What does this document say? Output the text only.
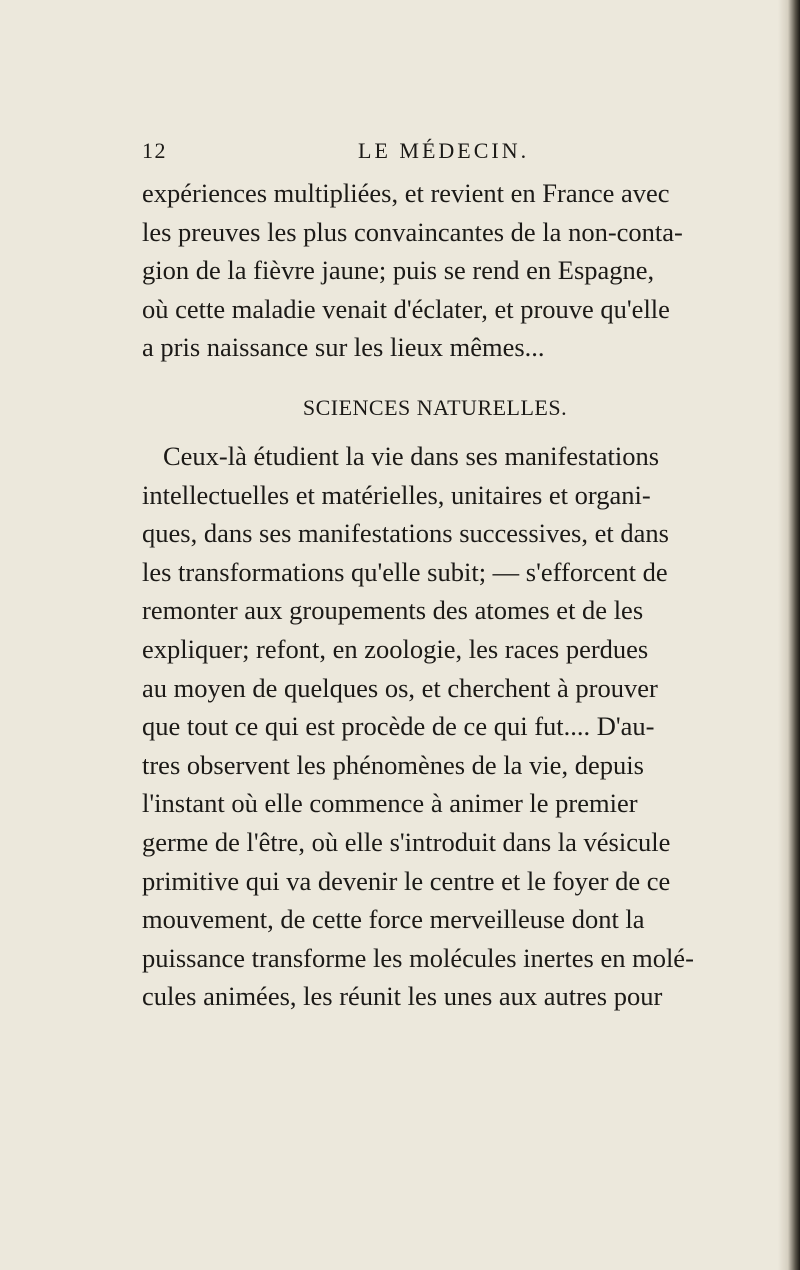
12	LE MÉDECIN.

expériences multipliées, et revient en France avec
les preuves les plus convaincantes de la non-conta-
gion de la fièvre jaune; puis se rend en Espagne,
où cette maladie venait d'éclater, et prouve qu'elle
a pris naissance sur les lieux mêmes...

SCIENCES NATURELLES.

Ceux-là étudient la vie dans ses manifestations
intellectuelles et matérielles, unitaires et organi-
ques, dans ses manifestations successives, et dans
les transformations qu'elle subit; — s'efforcent de
remonter aux groupements des atomes et de les
expliquer; refont, en zoologie, les races perdues
au moyen de quelques os, et cherchent à prouver
que tout ce qui est procède de ce qui fut.... D'au-
tres observent les phénomènes de la vie, depuis
l'instant où elle commence à animer le premier
germe de l'être, où elle s'introduit dans la vésicule
primitive qui va devenir le centre et le foyer de ce
mouvement, de cette force merveilleuse dont la
puissance transforme les molécules inertes en molé-
cules animées, les réunit les unes aux autres pour
